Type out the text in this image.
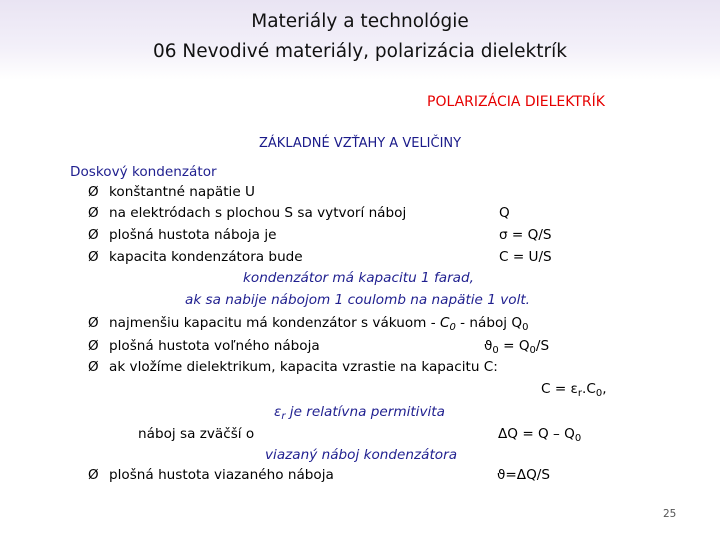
Materiály a technológie
06 Nevodivé materiály, polarizácia dielektrík
POLARIZÁCIA DIELEKTRÍK
ZÁKLADNÉ VZŤAHY A VELIČINY
Doskový kondenzátor
Ø konštantné napätie U
Ø na elektródach s plochou S sa vytvorí náboj	Q
Ø plošná hustota náboja je	σ = Q/S
Ø kapacita kondenzátora bude	C = U/S
kondenzátor má kapacitu 1 farad,
ak sa nabije nábojom 1 coulomb na napätie 1 volt.
Ø najmenšiu kapacitu má kondenzátor s vákuom - $C_0$ - náboj $Q_0$
Ø plošná hustota voľného náboja	$ϑ_0 = Q_0/S$
Ø ak vložíme dielektrikum, kapacita vzrastie na kapacitu C:
$C = \varepsilon_r.C_0$,
$\varepsilon_r$ je relatívna permitivita
náboj sa zväčší o	$\Delta Q = Q - Q_0$
viazaný náboj kondenzátora
Ø plošná hustota viazaného náboja	ϑ=ΔQ/S
25
